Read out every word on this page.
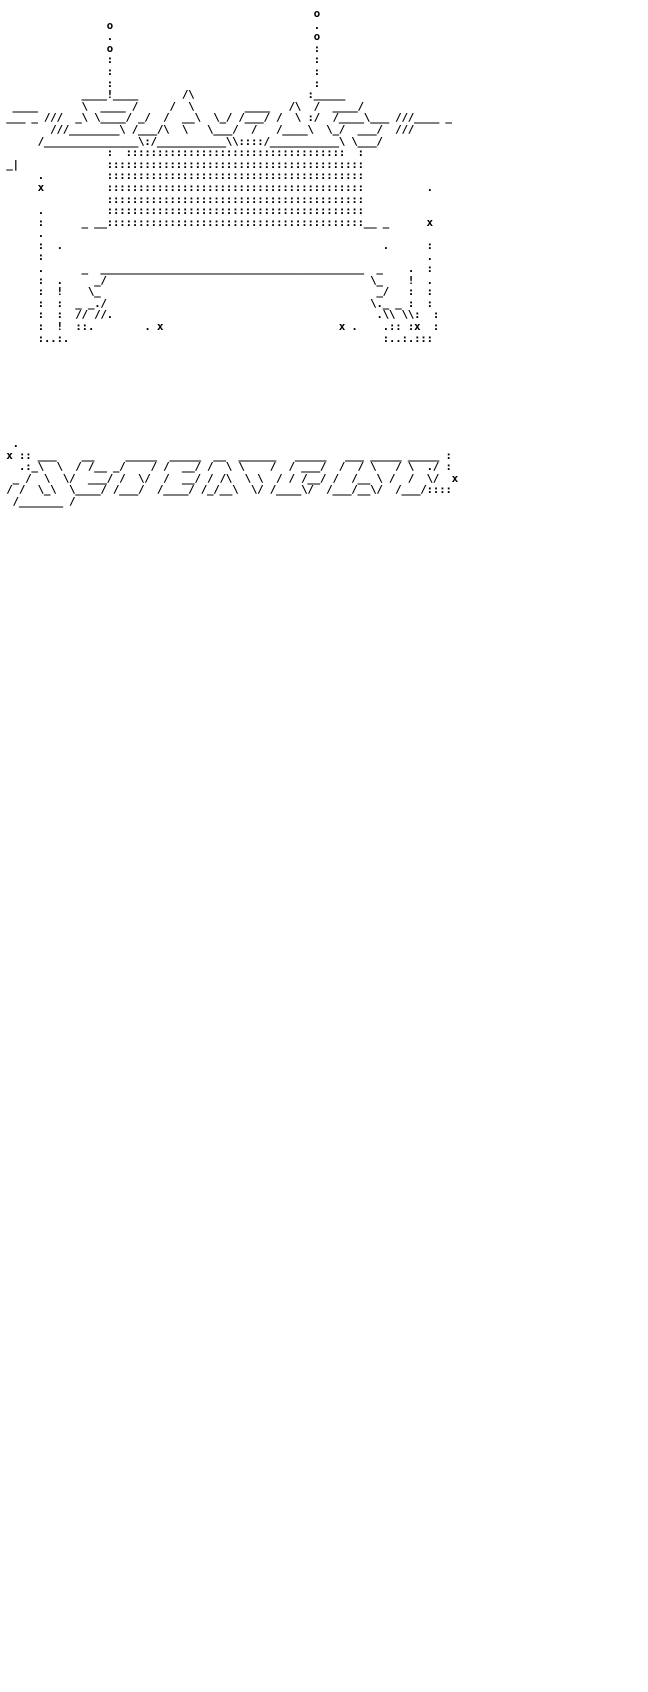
o
o                                .
.                                o
o                                :
:                                :
:                                :
:                                :
____!____       /\                  :_____
____       \  ____ /     /  \        ____   /\  /  ____/
___ _ ///  _\ \____/ _/  /  __\  \_/ /___/ /  \ :/  /____\___ ///____ _
///________\ /___/\  \   \___/  /   /____\  \_/  ___/  ///
/_______________\:/___________\\::::/___________\ \___/
:  :::::::::::::::::::::::::::::::::::  :
_|              :::::::::::::::::::::::::::::::::::::::::
.          :::::::::::::::::::::::::::::::::::::::::
x          :::::::::::::::::::::::::::::::::::::::::          .
:::::::::::::::::::::::::::::::::::::::::
.          :::::::::::::::::::::::::::::::::::::::::
:      _ __:::::::::::::::::::::::::::::::::::::::::__ _      x
.
:  .                                                   .      :
:                                                             .
.      _  __________________________________________  _    .  :
:  .     _/                                          \_    !  .
:  !    \_                                            _/   :  :
:  :  _ _./                                          \._ _ :  :
:  :  // //.                                          .\\ \\:  :
:  !  ::.        . x                            x .    .:: :x  :
:..:.                                                  :..:.:::

.
x :: ___    __     _____  _____  __  ______   _____   ___ _____ _____ :
.:_\  \  / /__ _/    / /  __/ /  \ \    /  / ___/  /  / \   / \  ./ :
_ /  \  \/  ___/ /  \/  /  __/ / /\  \ \  / / /__/ /  /__ \ /  /  \/  x
/ /  \_\  \____/ /___/  /____/ /_/__\  \/ /____\/  /___/__\/  /___/::::
/_______ /
